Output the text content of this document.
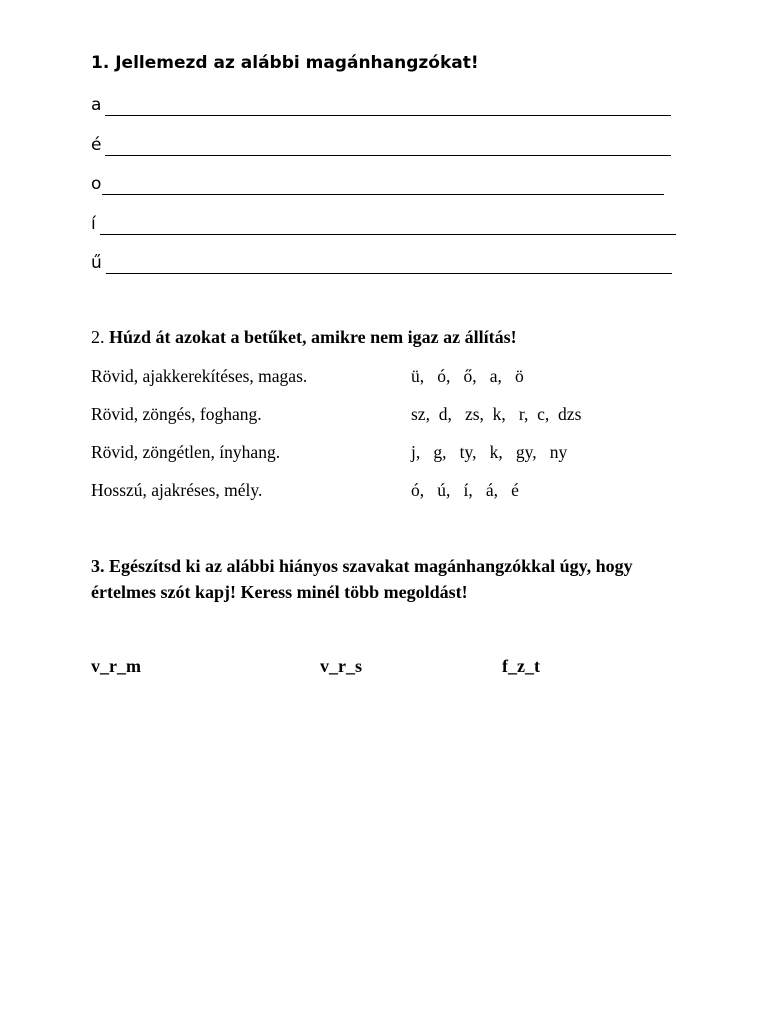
1. Jellemezd az alábbi magánhangzókat!
a
é
o
í
ű
2. Húzd át azokat a betűket, amikre nem igaz az állítás!
Rövid, ajakkerekítéses, magas.	ü,   ó,   ő,   a,   ö
Rövid, zöngés, foghang.	sz,  d,   zs,  k,   r,  c,  dzs
Rövid, zöngétlen, ínyhang.	j,   g,   ty,   k,   gy,   ny
Hosszú, ajakréses, mély.	ó,   ú,   í,   á,   é
3. Egészítsd ki az alábbi hiányos szavakat magánhangzókkal úgy, hogy értelmes szót kapj! Keress minél több megoldást!
v_r_m	v_r_s	f_z_t
